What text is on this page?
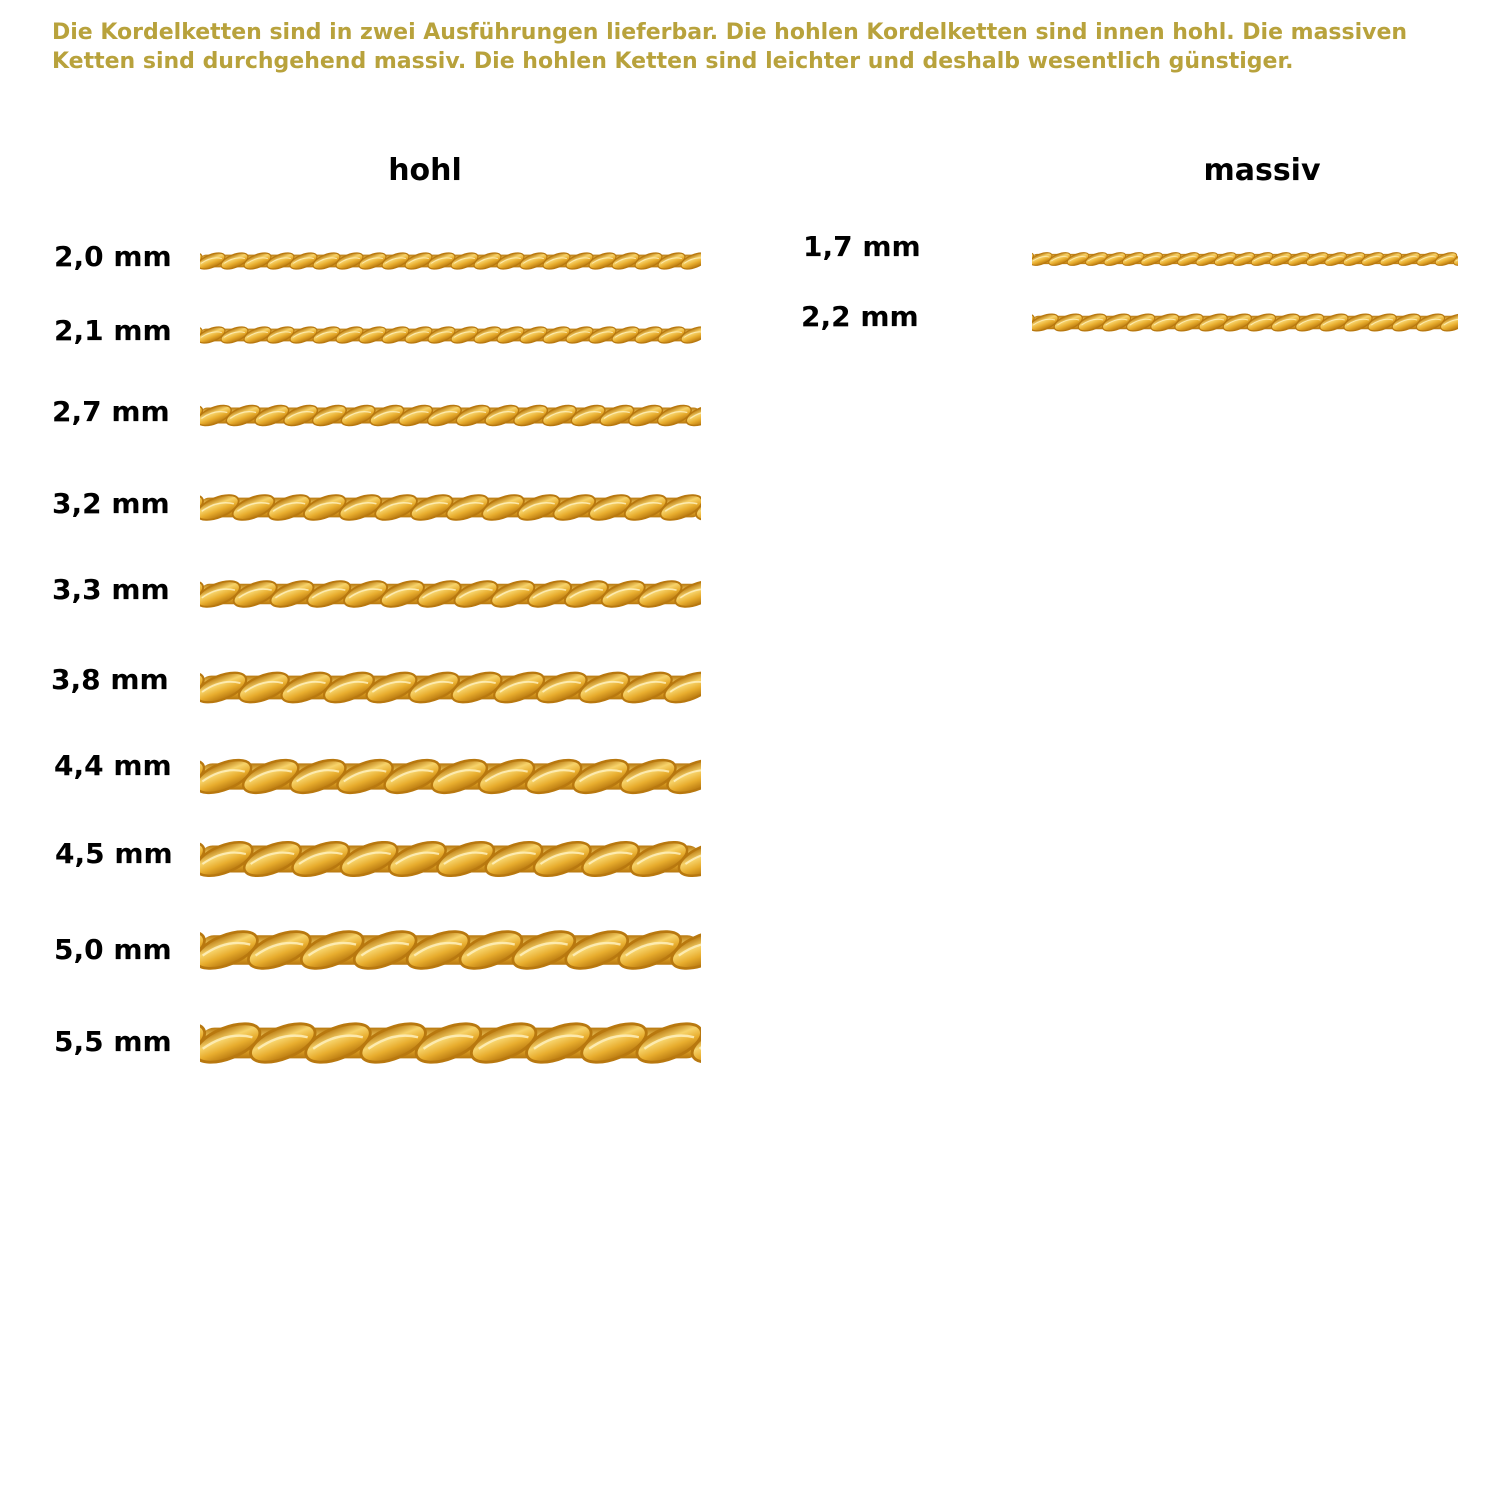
Die Kordelketten sind in zwei Ausführungen lieferbar. Die hohlen Kordelketten sind innen hohl. Die massiven
Ketten sind durchgehend massiv. Die hohlen Ketten sind leichter und deshalb wesentlich günstiger.
hohl	massiv
2,0 mm
2,1 mm
2,7 mm
3,2 mm
3,3 mm
3,8 mm
4,4 mm
4,5 mm
5,0 mm
5,5 mm
1,7 mm
2,2 mm
